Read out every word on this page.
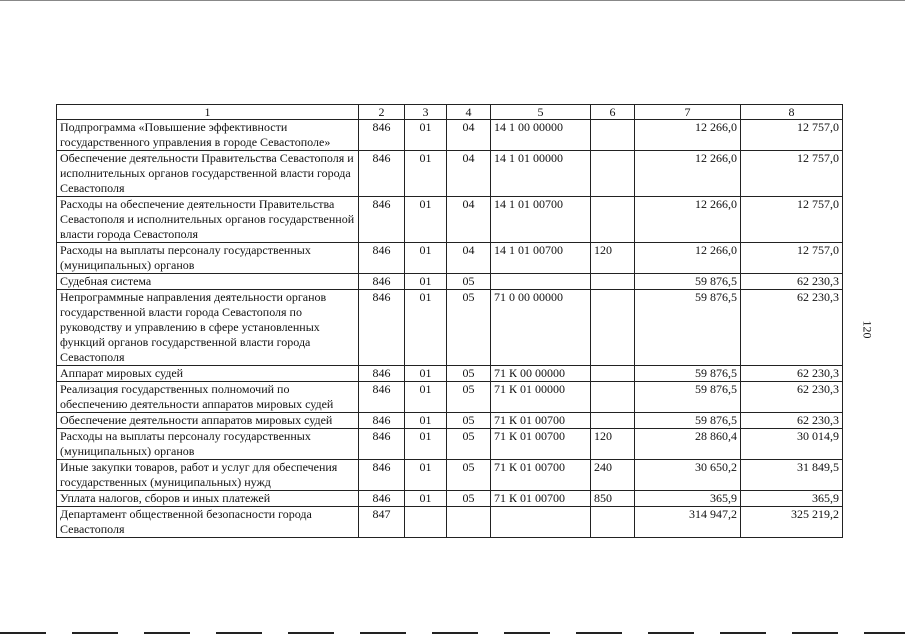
1	2	3	4	5	6	7	8
Подпрограмма «Повышение эффективности государственного управления в городе Севастополе»	846	01	04	14 1 00 00000		12 266,0	12 757,0
Обеспечение деятельности Правительства Севастополя и исполнительных органов государственной власти города Севастополя	846	01	04	14 1 01 00000		12 266,0	12 757,0
Расходы на обеспечение деятельности Правительства Севастополя и исполнительных органов государственной власти города Севастополя	846	01	04	14 1 01 00700		12 266,0	12 757,0
Расходы на выплаты персоналу государственных (муниципальных) органов	846	01	04	14 1 01 00700	120	12 266,0	12 757,0
Судебная система	846	01	05			59 876,5	62 230,3
Непрограммные направления деятельности органов государственной власти города Севастополя по руководству и управлению в сфере установленных функций органов государственной власти города Севастополя	846	01	05	71 0 00 00000		59 876,5	62 230,3
Аппарат мировых судей	846	01	05	71 К 00 00000		59 876,5	62 230,3
Реализация государственных полномочий по обеспечению деятельности аппаратов мировых судей	846	01	05	71 К 01 00000		59 876,5	62 230,3
Обеспечение деятельности аппаратов мировых судей	846	01	05	71 К 01 00700		59 876,5	62 230,3
Расходы на выплаты персоналу государственных (муниципальных) органов	846	01	05	71 К 01 00700	120	28 860,4	30 014,9
Иные закупки товаров, работ и услуг для обеспечения государственных (муниципальных) нужд	846	01	05	71 К 01 00700	240	30 650,2	31 849,5
Уплата налогов, сборов и иных платежей	846	01	05	71 К 01 00700	850	365,9	365,9
Департамент общественной безопасности города Севастополя	847					314 947,2	325 219,2
120
